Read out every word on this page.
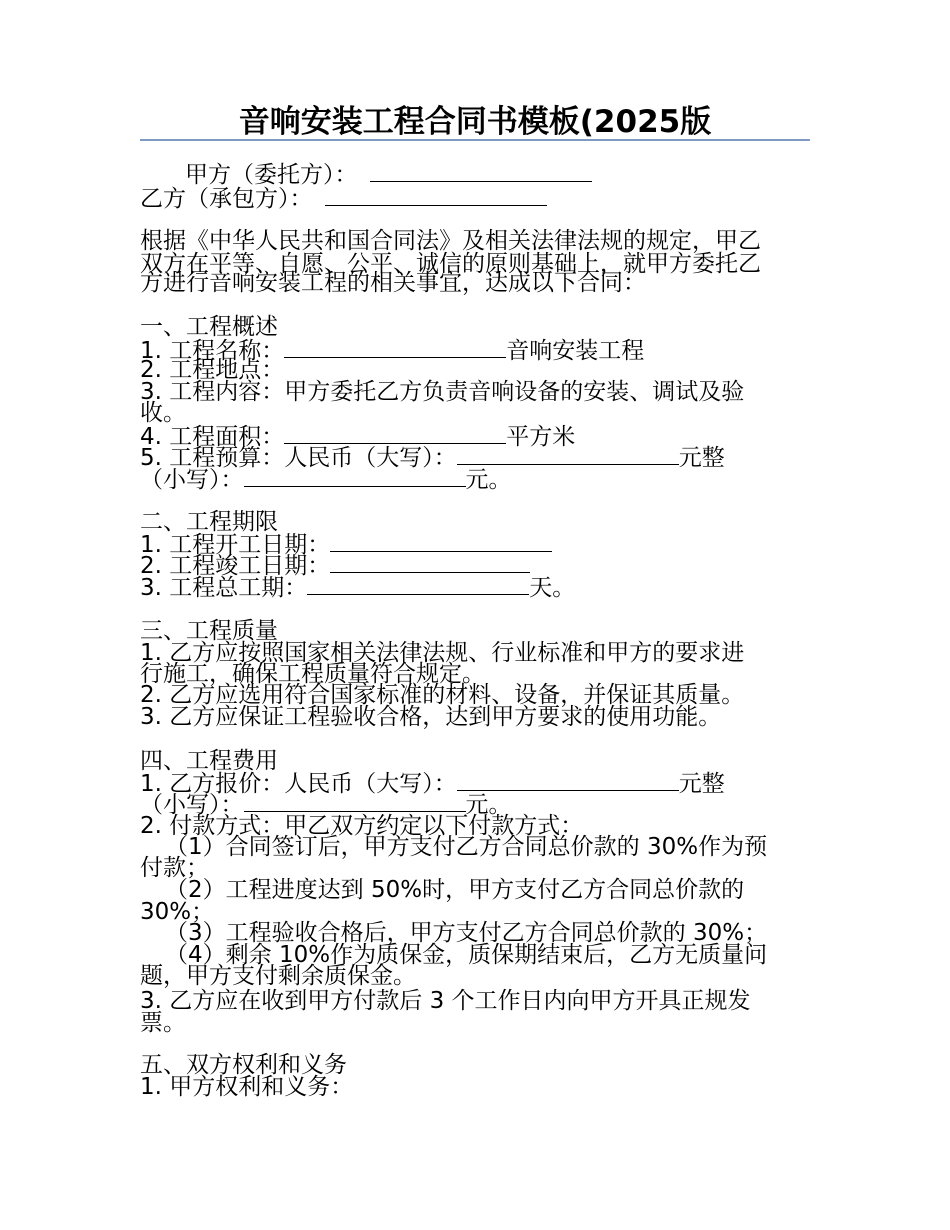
音响安装工程合同书模板(2025版
甲方（委托方）：
乙方（承包方）：
根据《中华人民共和国合同法》及相关法律法规的规定，甲乙
双方在平等、自愿、公平、诚信的原则基础上，就甲方委托乙
方进行音响安装工程的相关事宜，达成以下合同：
一、工程概述
1. 工程名称：	音响安装工程
2. 工程地点：
3. 工程内容：甲方委托乙方负责音响设备的安装、调试及验
收。
4. 工程面积：	平方米
5. 工程预算：人民币（大写）：	元整
（小写）：	元。
二、工程期限
1. 工程开工日期：
2. 工程竣工日期：
3. 工程总工期：	天。
三、工程质量
1. 乙方应按照国家相关法律法规、行业标准和甲方的要求进
行施工，确保工程质量符合规定。
2. 乙方应选用符合国家标准的材料、设备，并保证其质量。
3. 乙方应保证工程验收合格，达到甲方要求的使用功能。
四、工程费用
1. 乙方报价：人民币（大写）：	元整
（小写）：	元。
2. 付款方式：甲乙双方约定以下付款方式：
（1）合同签订后，甲方支付乙方合同总价款的 30%作为预
付款；
（2）工程进度达到 50%时，甲方支付乙方合同总价款的
30%；
（3）工程验收合格后，甲方支付乙方合同总价款的 30%；
（4）剩余 10%作为质保金，质保期结束后，乙方无质量问
题，甲方支付剩余质保金。
3. 乙方应在收到甲方付款后 3 个工作日内向甲方开具正规发
票。
五、双方权利和义务
1. 甲方权利和义务：
